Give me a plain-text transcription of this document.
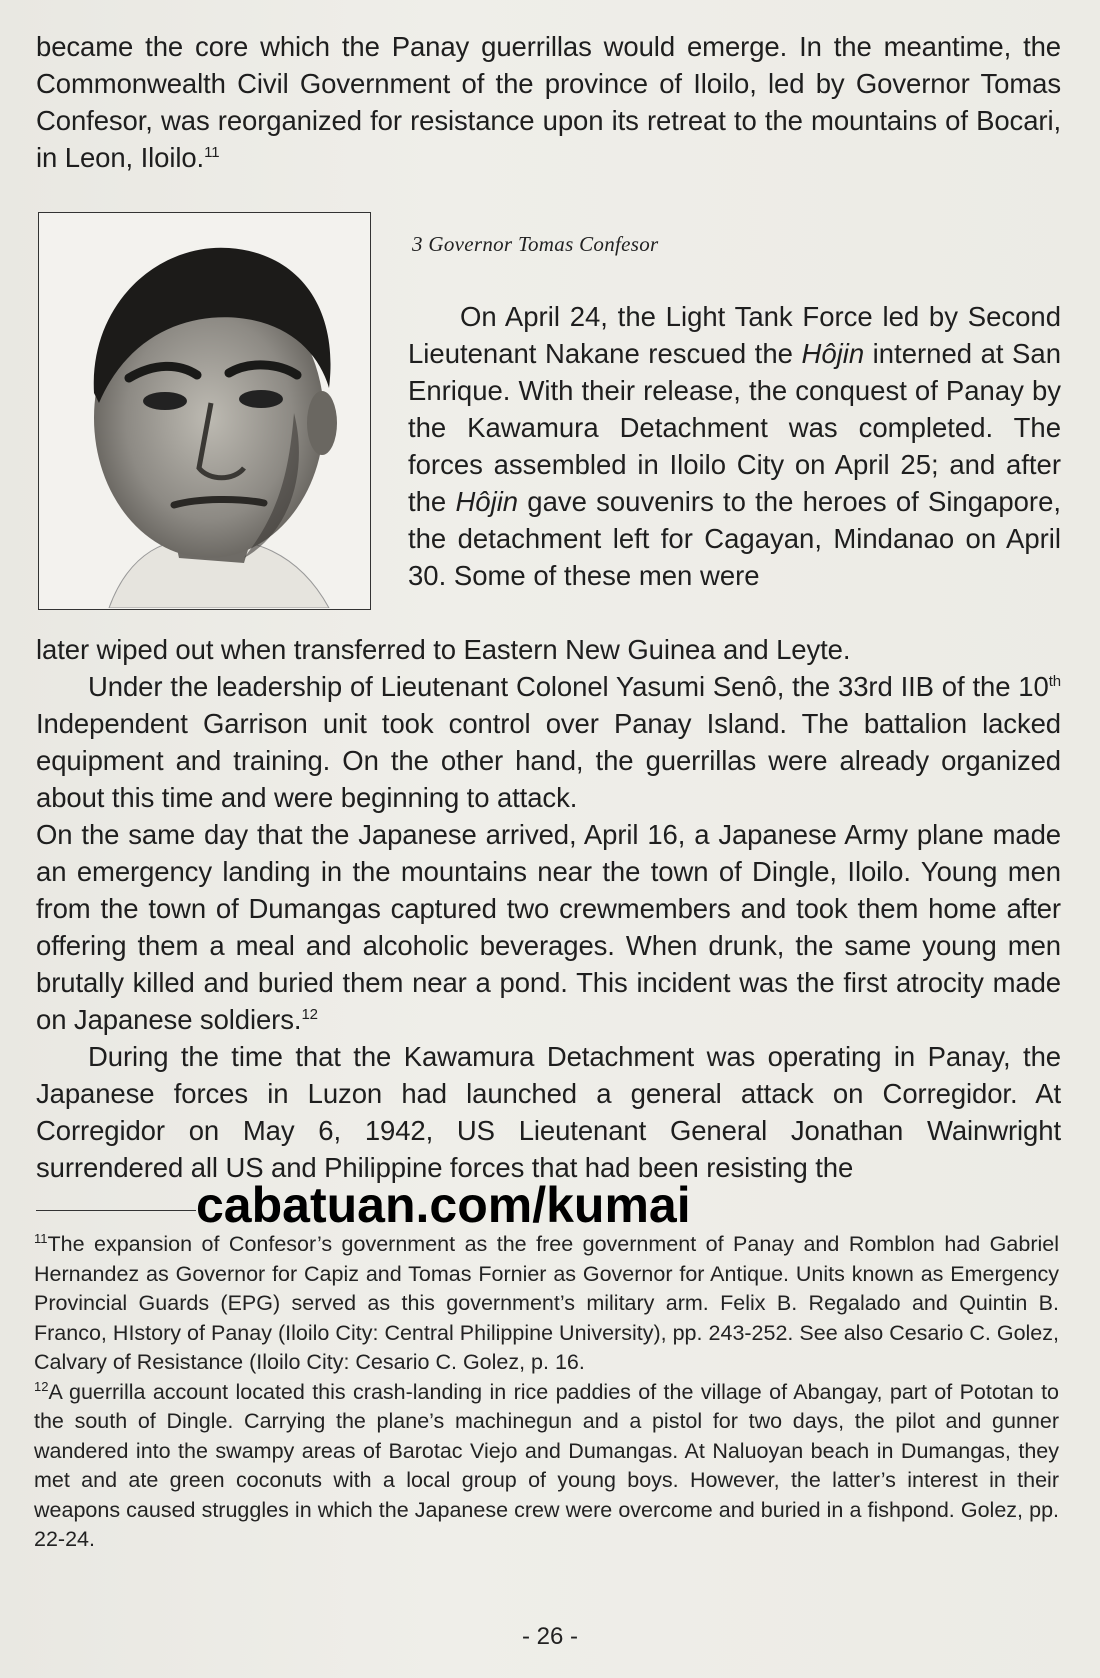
became the core which the Panay guerrillas would emerge. In the meantime, the Commonwealth Civil Government of the province of Iloilo, led by Governor Tomas Confesor, was reorganized for resistance upon its retreat to the mountains of Bocari, in Leon, Iloilo.$^{11}$

3 Governor Tomas Confesor

On April 24, the Light Tank Force led by Second Lieutenant Nakane rescued the Hôjin interned at San Enrique. With their release, the conquest of Panay by the Kawamura Detachment was completed. The forces assembled in Iloilo City on April 25; and after the Hôjin gave souvenirs to the heroes of Singapore, the detachment left for Cagayan, Mindanao on April 30. Some of these men were

later wiped out when transferred to Eastern New Guinea and Leyte.

Under the leadership of Lieutenant Colonel Yasumi Senô, the 33rd IIB of the 10th Independent Garrison unit took control over Panay Island. The battalion lacked equipment and training. On the other hand, the guerrillas were already organized about this time and were beginning to attack.

On the same day that the Japanese arrived, April 16, a Japanese Army plane made an emergency landing in the mountains near the town of Dingle, Iloilo. Young men from the town of Dumangas captured two crewmembers and took them home after offering them a meal and alcoholic beverages. When drunk, the same young men brutally killed and buried them near a pond. This incident was the first atrocity made on Japanese soldiers.$^{12}$

During the time that the Kawamura Detachment was operating in Panay, the Japanese forces in Luzon had launched a general attack on Corregidor. At Corregidor on May 6, 1942, US Lieutenant General Jonathan Wainwright surrendered all US and Philippine forces that had been resisting the

cabatuan.com/kumai

$^{11}$The expansion of Confesor’s government as the free government of Panay and Romblon had Gabriel Hernandez as Governor for Capiz and Tomas Fornier as Governor for Antique. Units known as Emergency Provincial Guards (EPG) served as this government’s military arm. Felix B. Regalado and Quintin B. Franco, HIstory of Panay (Iloilo City: Central Philippine University), pp. 243-252. See also Cesario C. Golez, Calvary of Resistance (Iloilo City: Cesario C. Golez, p. 16.

$^{12}$A guerrilla account located this crash-landing in rice paddies of the village of Abangay, part of Pototan to the south of Dingle. Carrying the plane’s machinegun and a pistol for two days, the pilot and gunner wandered into the swampy areas of Barotac Viejo and Dumangas. At Naluoyan beach in Dumangas, they met and ate green coconuts with a local group of young boys. However, the latter’s interest in their weapons caused struggles in which the Japanese crew were overcome and buried in a fishpond. Golez, pp. 22-24.

- 26 -
